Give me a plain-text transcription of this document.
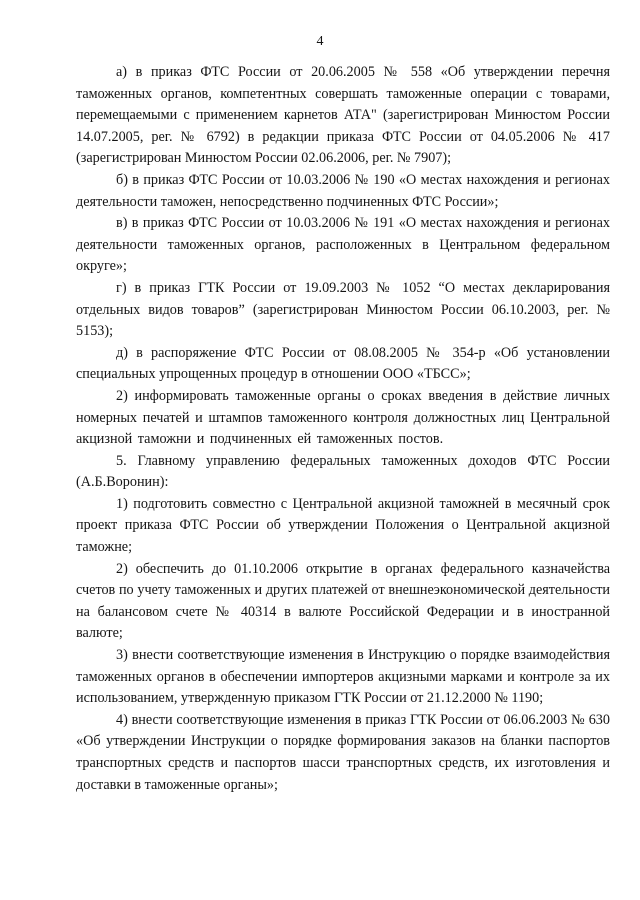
4

а) в приказ ФТС России от 20.06.2005 № 558 «Об утверждении перечня таможенных органов, компетентных совершать таможенные операции с товарами, перемещаемыми с применением карнетов АТА" (зарегистрирован Минюстом России 14.07.2005, рег. № 6792) в редакции приказа ФТС России от 04.05.2006 № 417 (зарегистрирован Минюстом России 02.06.2006, рег. № 7907);

б) в приказ ФТС России от 10.03.2006 № 190 «О местах нахождения и регионах деятельности таможен, непосредственно подчиненных ФТС России»;

в) в приказ ФТС России от 10.03.2006 № 191 «О местах нахождения и регионах деятельности таможенных органов, расположенных в Центральном федеральном округе»;

г) в приказ ГТК России от 19.09.2003 № 1052 “О местах декларирования отдельных видов товаров” (зарегистрирован Минюстом России 06.10.2003, рег. № 5153);

д) в распоряжение ФТС России от 08.08.2005 № 354-р «Об установлении специальных упрощенных процедур в отношении ООО «ТБСС»;

2) информировать таможенные органы о сроках введения в действие личных номерных печатей и штампов таможенного контроля должностных лиц Центральной акцизной таможни и подчиненных ей таможенных постов.

5. Главному управлению федеральных таможенных доходов ФТС России (А.Б.Воронин):

1) подготовить совместно с Центральной акцизной таможней в месячный срок проект приказа ФТС России об утверждении Положения о Центральной акцизной таможне;

2) обеспечить до 01.10.2006 открытие в органах федерального казначейства счетов по учету таможенных и других платежей от внешнеэкономической деятельности на балансовом счете № 40314 в валюте Российской Федерации и в иностранной валюте;

3) внести соответствующие изменения в Инструкцию о порядке взаимодействия таможенных органов в обеспечении импортеров акцизными марками и контроле за их использованием, утвержденную приказом ГТК России от 21.12.2000 № 1190;

4) внести соответствующие изменения в приказ ГТК России от 06.06.2003 № 630 «Об утверждении Инструкции о порядке формирования заказов на бланки паспортов транспортных средств и паспортов шасси транспортных средств, их изготовления и доставки в таможенные органы»;
